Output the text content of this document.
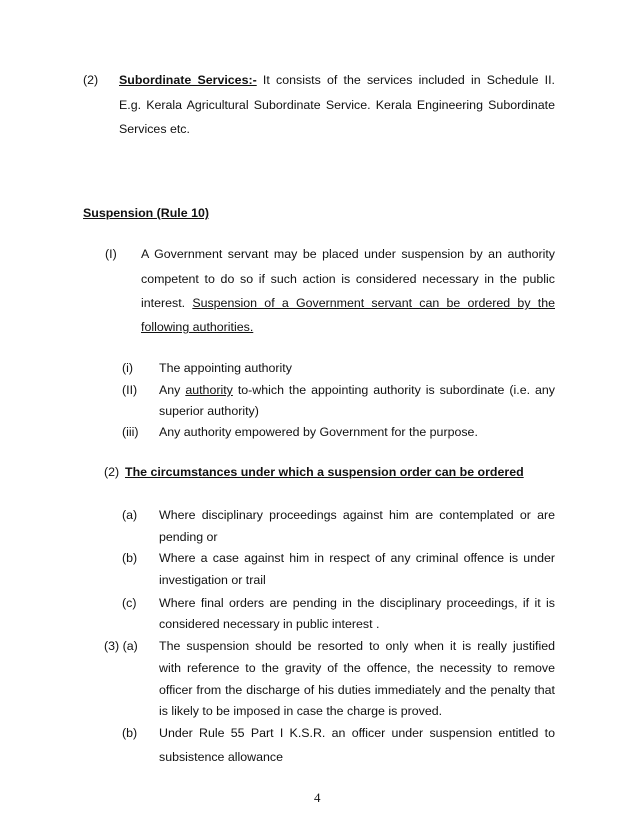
(2) Subordinate Services:- It consists of the services included in Schedule II.
E.g. Kerala Agricultural Subordinate Service. Kerala Engineering Subordinate
Services etc.
Suspension (Rule 10)
(I) A Government servant may be placed under suspension by an authority
competent to do so if such action is considered necessary in the public
interest. Suspension of a Government servant can be ordered by the
following authorities.
(i) The appointing authority
(II) Any authority to-which the appointing authority is subordinate (i.e. any
superior authority)
(iii) Any authority empowered by Government for the purpose.
(2) The circumstances under which a suspension order can be ordered
(a) Where disciplinary proceedings against him are contemplated or are
pending or
(b) Where a case against him in respect of any criminal offence is under
investigation or trail
(c) Where final orders are pending in the disciplinary proceedings, if it is
considered necessary in public interest .
(3) (a) The suspension should be resorted to only when it is really justified
with reference to the gravity of the offence, the necessity to remove
officer from the discharge of his duties immediately and the penalty that
is likely to be imposed in case the charge is proved.
(b) Under Rule 55 Part I K.S.R. an officer under suspension entitled to
subsistence allowance
4
